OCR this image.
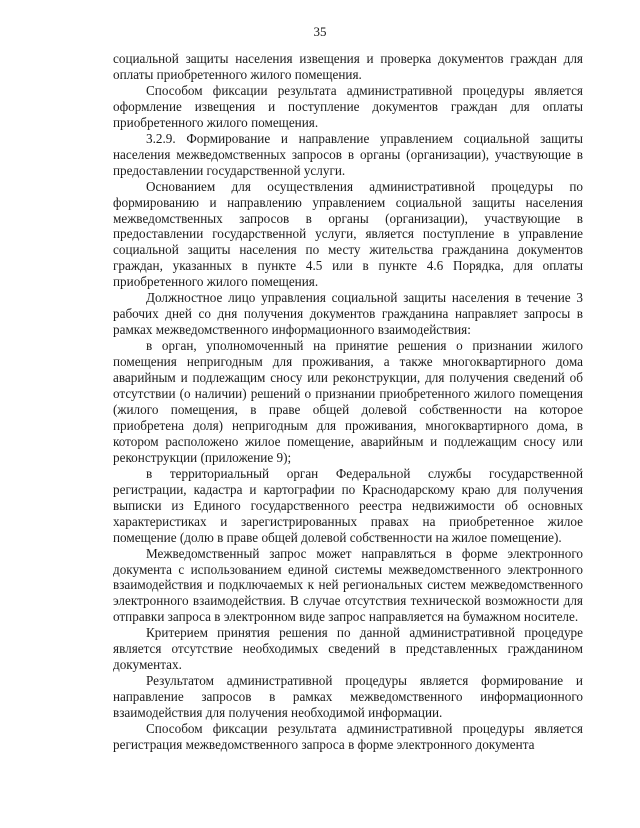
35

социальной защиты населения извещения и проверка документов граждан для оплаты приобретенного жилого помещения.

Способом фиксации результата административной процедуры является оформление извещения и поступление документов граждан для оплаты приобретенного жилого помещения.

3.2.9. Формирование и направление управлением социальной защиты населения межведомственных запросов в органы (организации), участвующие в предоставлении государственной услуги.

Основанием для осуществления административной процедуры по формированию и направлению управлением социальной защиты населения межведомственных запросов в органы (организации), участвующие в предоставлении государственной услуги, является поступление в управление социальной защиты населения по месту жительства гражданина документов граждан, указанных в пункте 4.5 или в пункте 4.6 Порядка, для оплаты приобретенного жилого помещения.

Должностное лицо управления социальной защиты населения в течение 3 рабочих дней со дня получения документов гражданина направляет запросы в рамках межведомственного информационного взаимодействия:

в орган, уполномоченный на принятие решения о признании жилого помещения непригодным для проживания, а также многоквартирного дома аварийным и подлежащим сносу или реконструкции, для получения сведений об отсутствии (о наличии) решений о признании приобретенного жилого помещения (жилого помещения, в праве общей долевой собственности на которое приобретена доля) непригодным для проживания, многоквартирного дома, в котором расположено жилое помещение, аварийным и подлежащим сносу или реконструкции (приложение 9);

в территориальный орган Федеральной службы государственной регистрации, кадастра и картографии по Краснодарскому краю для получения выписки из Единого государственного реестра недвижимости об основных характеристиках и зарегистрированных правах на приобретенное жилое помещение (долю в праве общей долевой собственности на жилое помещение).

Межведомственный запрос может направляться в форме электронного документа с использованием единой системы межведомственного электронного взаимодействия и подключаемых к ней региональных систем межведомственного электронного взаимодействия. В случае отсутствия технической возможности для отправки запроса в электронном виде запрос направляется на бумажном носителе.

Критерием принятия решения по данной административной процедуре является отсутствие необходимых сведений в представленных гражданином документах.

Результатом административной процедуры является формирование и направление запросов в рамках межведомственного информационного взаимодействия для получения необходимой информации.

Способом фиксации результата административной процедуры является регистрация межведомственного запроса в форме электронного документа
